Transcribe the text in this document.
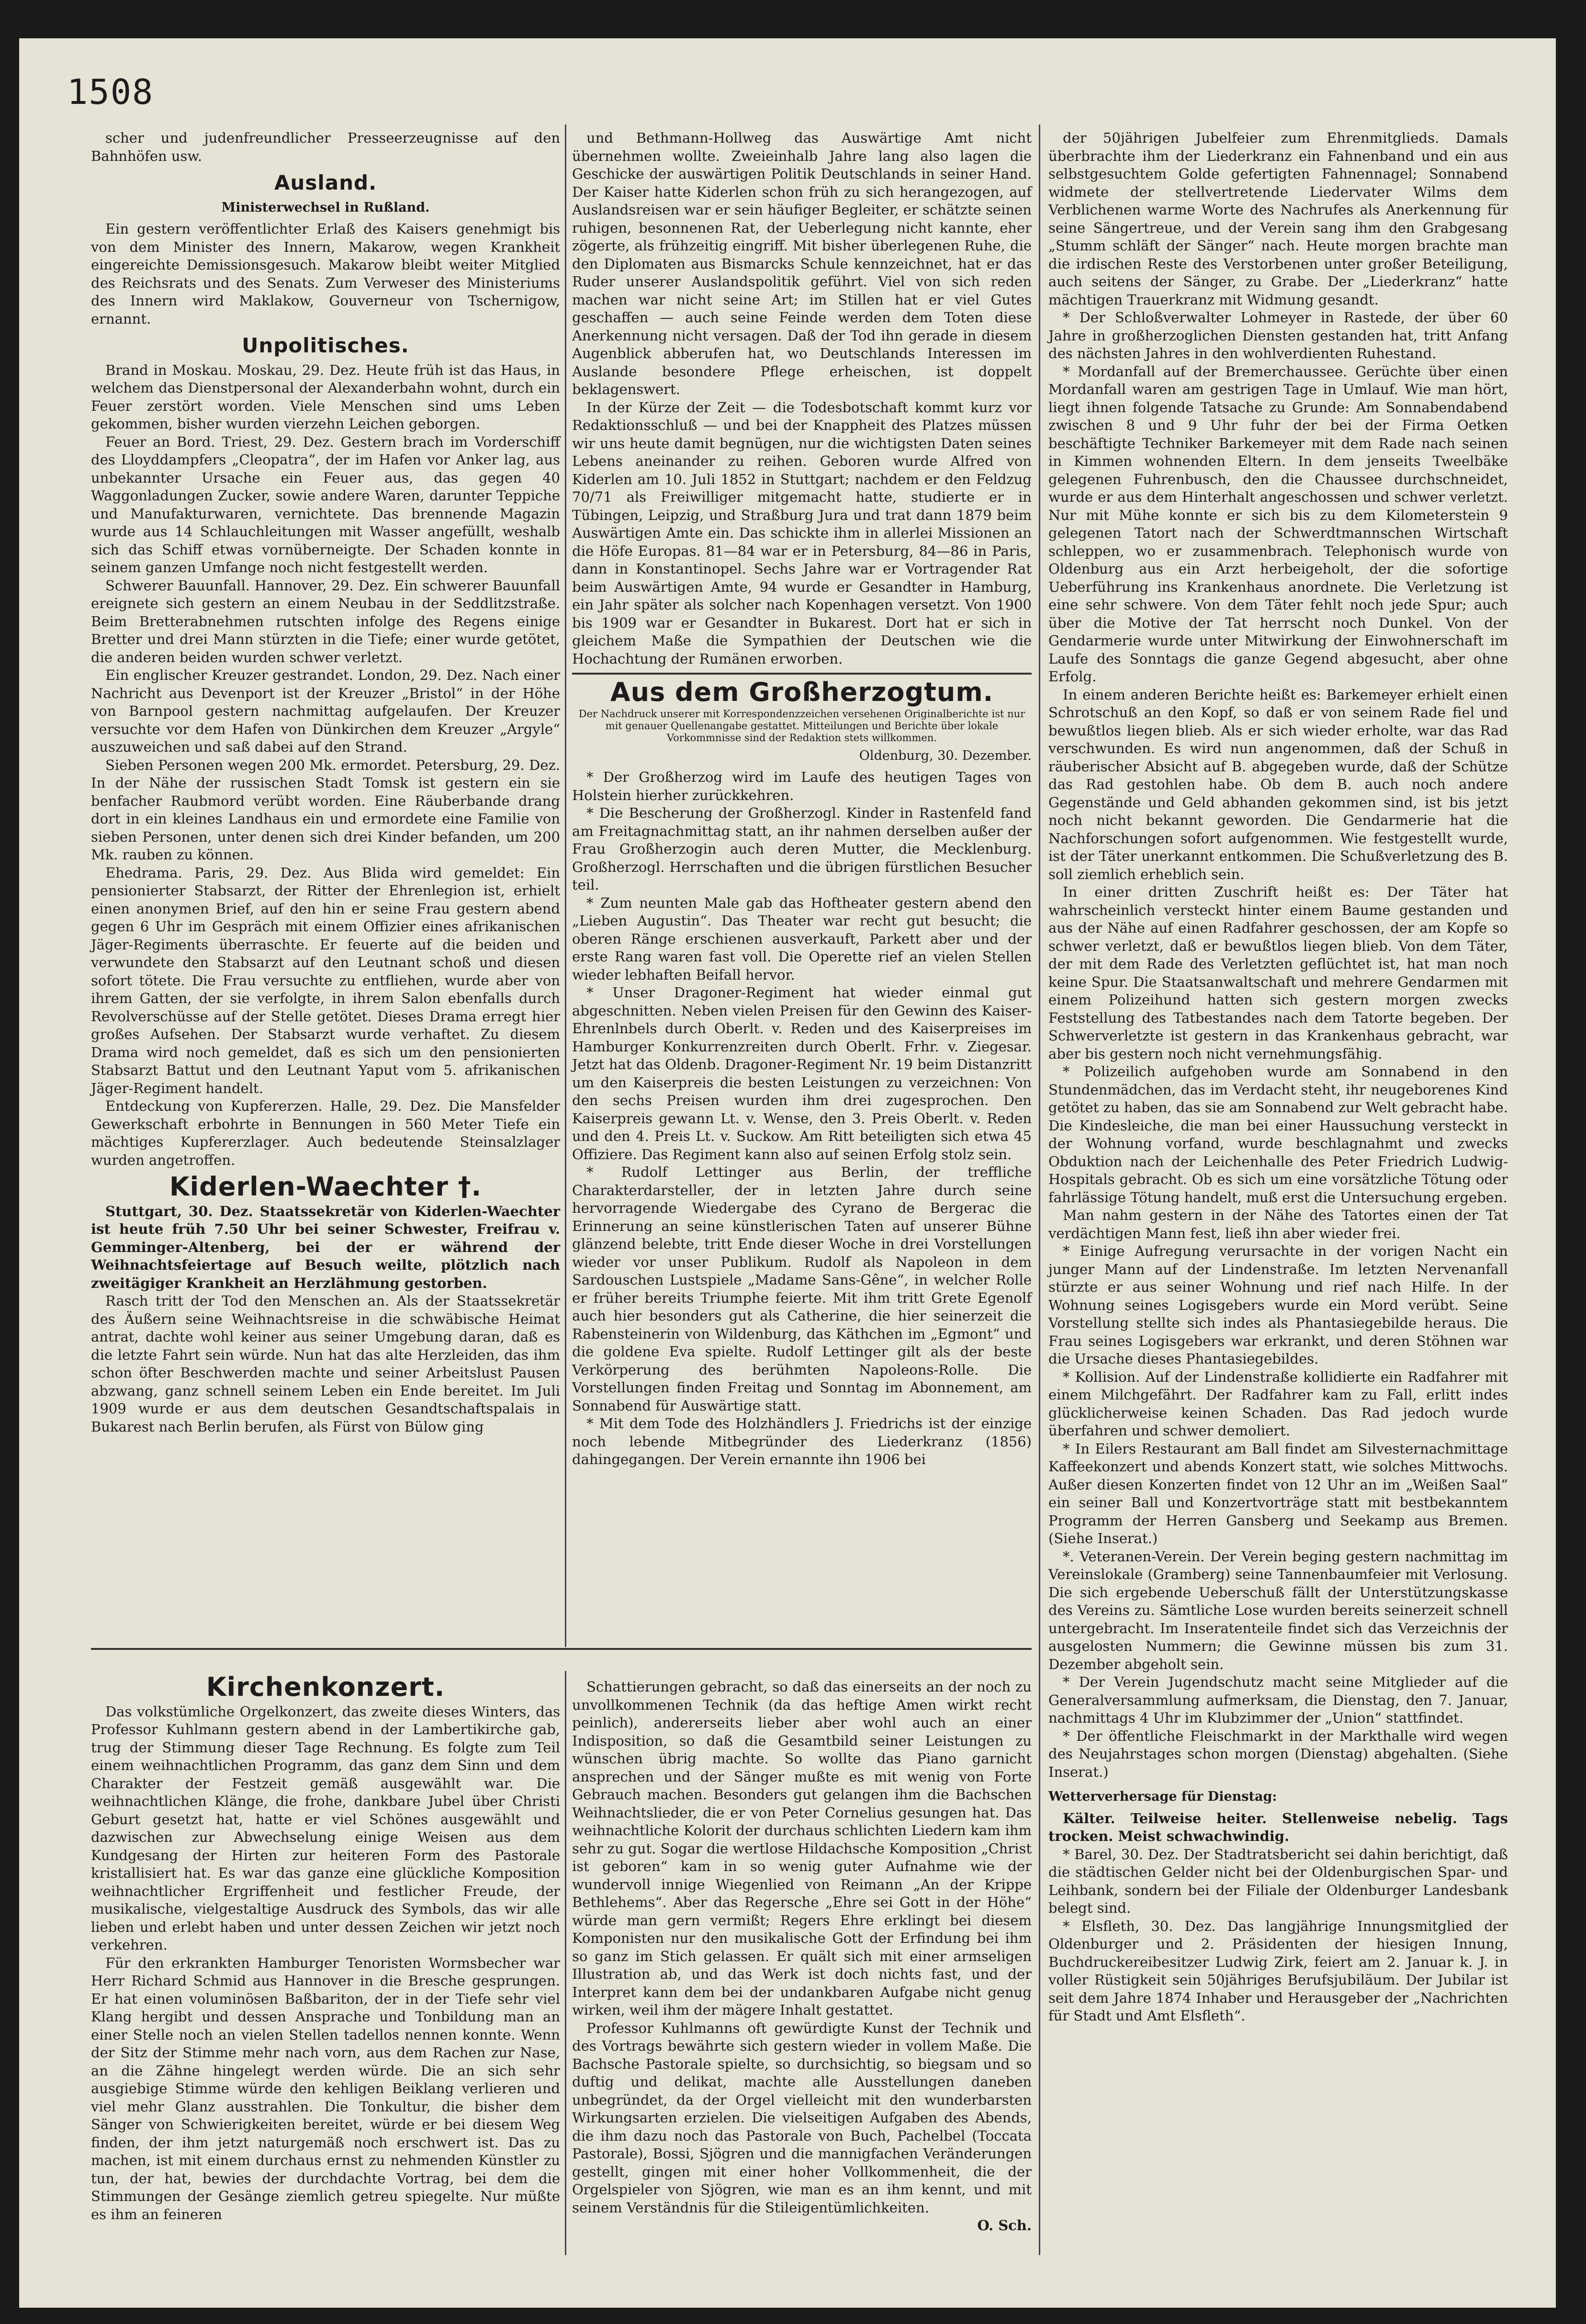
1508

scher und judenfreundlicher Presseerzeugnisse auf den Bahnhöfen usw.

Ausland.
Ministerwechsel in Rußland.

Ein gestern veröffentlichter Erlaß des Kaisers genehmigt bis von dem Minister des Innern, Makarow, wegen Krankheit eingereichte Demissionsgesuch. Makarow bleibt weiter Mitglied des Reichsrats und des Senats. Zum Verweser des Ministeriums des Innern wird Maklakow, Gouverneur von Tschernigow, ernannt.

Unpolitisches.

Brand in Moskau. Moskau, 29. Dez. Heute früh ist das Haus, in welchem das Dienstpersonal der Alexanderbahn wohnt, durch ein Feuer zerstört worden. Viele Menschen sind ums Leben gekommen, bisher wurden vierzehn Leichen geborgen.

Feuer an Bord. Triest, 29. Dez. Gestern brach im Vorderschiff des Lloyddampfers „Cleopatra“, der im Hafen vor Anker lag, aus unbekannter Ursache ein Feuer aus, das gegen 40 Waggonladungen Zucker, sowie andere Waren, darunter Teppiche und Manufakturwaren, vernichtete. Das brennende Magazin wurde aus 14 Schlauchleitungen mit Wasser angefüllt, weshalb sich das Schiff etwas vornüberneigte. Der Schaden konnte in seinem ganzen Umfange noch nicht festgestellt werden.

Schwerer Bauunfall. Hannover, 29. Dez. Ein schwerer Bauunfall ereignete sich gestern an einem Neubau in der Seddlitzstraße. Beim Bretterabnehmen rutschten infolge des Regens einige Bretter und drei Mann stürzten in die Tiefe; einer wurde getötet, die anderen beiden wurden schwer verletzt.

Ein englischer Kreuzer gestrandet. London, 29. Dez. Nach einer Nachricht aus Devenport ist der Kreuzer „Bristol“ in der Höhe von Barnpool gestern nachmittag aufgelaufen. Der Kreuzer versuchte vor dem Hafen von Dünkirchen dem Kreuzer „Argyle“ auszuweichen und saß dabei auf den Strand.

Sieben Personen wegen 200 Mk. ermordet. Petersburg, 29. Dez. In der Nähe der russischen Stadt Tomsk ist gestern ein sie benfacher Raubmord verübt worden. Eine Räuberbande drang dort in ein kleines Landhaus ein und ermordete eine Familie von sieben Personen, unter denen sich drei Kinder befanden, um 200 Mk. rauben zu können.

Ehedrama. Paris, 29. Dez. Aus Blida wird gemeldet: Ein pensionierter Stabsarzt, der Ritter der Ehrenlegion ist, erhielt einen anonymen Brief, auf den hin er seine Frau gestern abend gegen 6 Uhr im Gespräch mit einem Offizier eines afrikanischen Jäger-Regiments überraschte. Er feuerte auf die beiden und verwundete den Stabsarzt auf den Leutnant schoß und diesen sofort tötete. Die Frau versuchte zu entfliehen, wurde aber von ihrem Gatten, der sie verfolgte, in ihrem Salon ebenfalls durch Revolverschüsse auf der Stelle getötet. Dieses Drama erregt hier großes Aufsehen. Der Stabsarzt wurde verhaftet. Zu diesem Drama wird noch gemeldet, daß es sich um den pensionierten Stabsarzt Battut und den Leutnant Yaput vom 5. afrikanischen Jäger-Regiment handelt.

Entdeckung von Kupfererzen. Halle, 29. Dez. Die Mansfelder Gewerkschaft erbohrte in Bennungen in 560 Meter Tiefe ein mächtiges Kupfererzlager. Auch bedeutende Steinsalzlager wurden angetroffen.

Kiderlen-Waechter †.

Stuttgart, 30. Dez. Staatssekretär von Kiderlen-Waechter ist heute früh 7.50 Uhr bei seiner Schwester, Freifrau v. Gemminger-Altenberg, bei der er während der Weihnachtsfeiertage auf Besuch weilte, plötzlich nach zweitägiger Krankheit an Herzlähmung gestorben.

Rasch tritt der Tod den Menschen an. Als der Staatssekretär des Äußern seine Weihnachtsreise in die schwäbische Heimat antrat, dachte wohl keiner aus seiner Umgebung daran, daß es die letzte Fahrt sein würde. Nun hat das alte Herzleiden, das ihm schon öfter Beschwerden machte und seiner Arbeitslust Pausen abzwang, ganz schnell seinem Leben ein Ende bereitet. Im Juli 1909 wurde er aus dem deutschen Gesandtschaftspalais in Bukarest nach Berlin berufen, als Fürst von Bülow ging

und Bethmann-Hollweg das Auswärtige Amt nicht übernehmen wollte. Zweieinhalb Jahre lang also lagen die Geschicke der auswärtigen Politik Deutschlands in seiner Hand. Der Kaiser hatte Kiderlen schon früh zu sich herangezogen, auf Auslandsreisen war er sein häufiger Begleiter, er schätzte seinen ruhigen, besonnenen Rat, der Ueberlegung nicht kannte, eher zögerte, als frühzeitig eingriff. Mit bisher überlegenen Ruhe, die den Diplomaten aus Bismarcks Schule kennzeichnet, hat er das Ruder unserer Auslandspolitik geführt. Viel von sich reden machen war nicht seine Art; im Stillen hat er viel Gutes geschaffen — auch seine Feinde werden dem Toten diese Anerkennung nicht versagen. Daß der Tod ihn gerade in diesem Augenblick abberufen hat, wo Deutschlands Interessen im Auslande besondere Pflege erheischen, ist doppelt beklagenswert.

In der Kürze der Zeit — die Todesbotschaft kommt kurz vor Redaktionsschluß — und bei der Knappheit des Platzes müssen wir uns heute damit begnügen, nur die wichtigsten Daten seines Lebens aneinander zu reihen. Geboren wurde Alfred von Kiderlen am 10. Juli 1852 in Stuttgart; nachdem er den Feldzug 70/71 als Freiwilliger mitgemacht hatte, studierte er in Tübingen, Leipzig, und Straßburg Jura und trat dann 1879 beim Auswärtigen Amte ein. Das schickte ihm in allerlei Missionen an die Höfe Europas. 81—84 war er in Petersburg, 84—86 in Paris, dann in Konstantinopel. Sechs Jahre war er Vortragender Rat beim Auswärtigen Amte, 94 wurde er Gesandter in Hamburg, ein Jahr später als solcher nach Kopenhagen versetzt. Von 1900 bis 1909 war er Gesandter in Bukarest. Dort hat er sich in gleichem Maße die Sympathien der Deutschen wie die Hochachtung der Rumänen erworben.

Aus dem Großherzogtum.
Der Nachdruck unserer mit Korrespondenzzeichen versehenen Originalberichte ist nur mit genauer Quellenangabe gestattet. Mitteilungen und Berichte über lokale Vorkommnisse sind der Redaktion stets willkommen.
Oldenburg, 30. Dezember.

* Der Großherzog wird im Laufe des heutigen Tages von Holstein hierher zurückkehren.

* Die Bescherung der Großherzogl. Kinder in Rastenfeld fand am Freitagnachmittag statt, an ihr nahmen derselben außer der Frau Großherzogin auch deren Mutter, die Mecklenburg. Großherzogl. Herrschaften und die übrigen fürstlichen Besucher teil.

* Zum neunten Male gab das Hoftheater gestern abend den „Lieben Augustin“. Das Theater war recht gut besucht; die oberen Ränge erschienen ausverkauft, Parkett aber und der erste Rang waren fast voll. Die Operette rief an vielen Stellen wieder lebhaften Beifall hervor.

* Unser Dragoner-Regiment hat wieder einmal gut abgeschnitten. Neben vielen Preisen für den Gewinn des Kaiser-Ehrenlnbels durch Oberlt. v. Reden und des Kaiserpreises im Hamburger Konkurrenzreiten durch Oberlt. Frhr. v. Ziegesar. Jetzt hat das Oldenb. Dragoner-Regiment Nr. 19 beim Distanzritt um den Kaiserpreis die besten Leistungen zu verzeichnen: Von den sechs Preisen wurden ihm drei zugesprochen. Den Kaiserpreis gewann Lt. v. Wense, den 3. Preis Oberlt. v. Reden und den 4. Preis Lt. v. Suckow. Am Ritt beteiligten sich etwa 45 Offiziere. Das Regiment kann also auf seinen Erfolg stolz sein.

* Rudolf Lettinger aus Berlin, der treffliche Charakterdarsteller, der in letzten Jahre durch seine hervorragende Wiedergabe des Cyrano de Bergerac die Erinnerung an seine künstlerischen Taten auf unserer Bühne glänzend belebte, tritt Ende dieser Woche in drei Vorstellungen wieder vor unser Publikum. Rudolf als Napoleon in dem Sardouschen Lustspiele „Madame Sans-Gêne“, in welcher Rolle er früher bereits Triumphe feierte. Mit ihm tritt Grete Egenolf auch hier besonders gut als Catherine, die hier seinerzeit die Rabensteinerin von Wildenburg, das Käthchen im „Egmont“ und die goldene Eva spielte. Rudolf Lettinger gilt als der beste Verkörperung des berühmten Napoleons-Rolle. Die Vorstellungen finden Freitag und Sonntag im Abonnement, am Sonnabend für Auswärtige statt.

* Mit dem Tode des Holzhändlers J. Friedrichs ist der einzige noch lebende Mitbegründer des Liederkranz (1856) dahingegangen. Der Verein ernannte ihn 1906 bei

der 50jährigen Jubelfeier zum Ehrenmitglieds. Damals überbrachte ihm der Liederkranz ein Fahnenband und ein aus selbstgesuchtem Golde gefertigten Fahnennagel; Sonnabend widmete der stellvertretende Liedervater Wilms dem Verblichenen warme Worte des Nachrufes als Anerkennung für seine Sängertreue, und der Verein sang ihm den Grabgesang „Stumm schläft der Sänger“ nach. Heute morgen brachte man die irdischen Reste des Verstorbenen unter großer Beteiligung, auch seitens der Sänger, zu Grabe. Der „Liederkranz“ hatte mächtigen Trauerkranz mit Widmung gesandt.

* Der Schloßverwalter Lohmeyer in Rastede, der über 60 Jahre in großherzoglichen Diensten gestanden hat, tritt Anfang des nächsten Jahres in den wohlverdienten Ruhestand.

* Mordanfall auf der Bremerchaussee. Gerüchte über einen Mordanfall waren am gestrigen Tage in Umlauf. Wie man hört, liegt ihnen folgende Tatsache zu Grunde: Am Sonnabendabend zwischen 8 und 9 Uhr fuhr der bei der Firma Oetken beschäftigte Techniker Barkemeyer mit dem Rade nach seinen in Kimmen wohnenden Eltern. In dem jenseits Tweelbäke gelegenen Fuhrenbusch, den die Chaussee durchschneidet, wurde er aus dem Hinterhalt angeschossen und schwer verletzt. Nur mit Mühe konnte er sich bis zu dem Kilometerstein 9 gelegenen Tatort nach der Schwerdtmannschen Wirtschaft schleppen, wo er zusammenbrach. Telephonisch wurde von Oldenburg aus ein Arzt herbeigeholt, der die sofortige Ueberführung ins Krankenhaus anordnete. Die Verletzung ist eine sehr schwere. Von dem Täter fehlt noch jede Spur; auch über die Motive der Tat herrscht noch Dunkel. Von der Gendarmerie wurde unter Mitwirkung der Einwohnerschaft im Laufe des Sonntags die ganze Gegend abgesucht, aber ohne Erfolg.

In einem anderen Berichte heißt es: Barkemeyer erhielt einen Schrotschuß an den Kopf, so daß er von seinem Rade fiel und bewußtlos liegen blieb. Als er sich wieder erholte, war das Rad verschwunden. Es wird nun angenommen, daß der Schuß in räuberischer Absicht auf B. abgegeben wurde, daß der Schütze das Rad gestohlen habe. Ob dem B. auch noch andere Gegenstände und Geld abhanden gekommen sind, ist bis jetzt noch nicht bekannt geworden. Die Gendarmerie hat die Nachforschungen sofort aufgenommen. Wie festgestellt wurde, ist der Täter unerkannt entkommen. Die Schußverletzung des B. soll ziemlich erheblich sein.

In einer dritten Zuschrift heißt es: Der Täter hat wahrscheinlich versteckt hinter einem Baume gestanden und aus der Nähe auf einen Radfahrer geschossen, der am Kopfe so schwer verletzt, daß er bewußtlos liegen blieb. Von dem Täter, der mit dem Rade des Verletzten geflüchtet ist, hat man noch keine Spur. Die Staatsanwaltschaft und mehrere Gendarmen mit einem Polizeihund hatten sich gestern morgen zwecks Feststellung des Tatbestandes nach dem Tatorte begeben. Der Schwerverletzte ist gestern in das Krankenhaus gebracht, war aber bis gestern noch nicht vernehmungsfähig.

* Polizeilich aufgehoben wurde am Sonnabend in den Stundenmädchen, das im Verdacht steht, ihr neugeborenes Kind getötet zu haben, das sie am Sonnabend zur Welt gebracht habe. Die Kindesleiche, die man bei einer Haussuchung versteckt in der Wohnung vorfand, wurde beschlagnahmt und zwecks Obduktion nach der Leichenhalle des Peter Friedrich Ludwig-Hospitals gebracht. Ob es sich um eine vorsätzliche Tötung oder fahrlässige Tötung handelt, muß erst die Untersuchung ergeben.

Man nahm gestern in der Nähe des Tatortes einen der Tat verdächtigen Mann fest, ließ ihn aber wieder frei.

* Einige Aufregung verursachte in der vorigen Nacht ein junger Mann auf der Lindenstraße. Im letzten Nervenanfall stürzte er aus seiner Wohnung und rief nach Hilfe. In der Wohnung seines Logisgebers wurde ein Mord verübt. Seine Vorstellung stellte sich indes als Phantasiegebilde heraus. Die Frau seines Logisgebers war erkrankt, und deren Stöhnen war die Ursache dieses Phantasiegebildes.

* Kollision. Auf der Lindenstraße kollidierte ein Radfahrer mit einem Milchgefährt. Der Radfahrer kam zu Fall, erlitt indes glücklicherweise keinen Schaden. Das Rad jedoch wurde überfahren und schwer demoliert.

* In Eilers Restaurant am Ball findet am Silvesternachmittage Kaffeekonzert und abends Konzert statt, wie solches Mittwochs. Außer diesen Konzerten findet von 12 Uhr an im „Weißen Saal“ ein seiner Ball und Konzertvorträge statt mit bestbekanntem Programm der Herren Gansberg und Seekamp aus Bremen. (Siehe Inserat.)

*. Veteranen-Verein. Der Verein beging gestern nachmittag im Vereinslokale (Gramberg) seine Tannenbaumfeier mit Verlosung. Die sich ergebende Ueberschuß fällt der Unterstützungskasse des Vereins zu. Sämtliche Lose wurden bereits seinerzeit schnell untergebracht. Im Inseratenteile findet sich das Verzeichnis der ausgelosten Nummern; die Gewinne müssen bis zum 31. Dezember abgeholt sein.

* Der Verein Jugendschutz macht seine Mitglieder auf die Generalversammlung aufmerksam, die Dienstag, den 7. Januar, nachmittags 4 Uhr im Klubzimmer der „Union“ stattfindet.

* Der öffentliche Fleischmarkt in der Markthalle wird wegen des Neujahrstages schon morgen (Dienstag) abgehalten. (Siehe Inserat.)

Wetterverhersage für Dienstag:

Kälter. Teilweise heiter. Stellenweise nebelig. Tags trocken. Meist schwachwindig.

* Barel, 30. Dez. Der Stadtratsbericht sei dahin berichtigt, daß die städtischen Gelder nicht bei der Oldenburgischen Spar- und Leihbank, sondern bei der Filiale der Oldenburger Landesbank belegt sind.

* Elsfleth, 30. Dez. Das langjährige Innungsmitglied der Oldenburger und 2. Präsidenten der hiesigen Innung, Buchdruckereibesitzer Ludwig Zirk, feiert am 2. Januar k. J. in voller Rüstigkeit sein 50jähriges Berufsjubiläum. Der Jubilar ist seit dem Jahre 1874 Inhaber und Herausgeber der „Nachrichten für Stadt und Amt Elsfleth“.

Kirchenkonzert.

Das volkstümliche Orgelkonzert, das zweite dieses Winters, das Professor Kuhlmann gestern abend in der Lambertikirche gab, trug der Stimmung dieser Tage Rechnung. Es folgte zum Teil einem weihnachtlichen Programm, das ganz dem Sinn und dem Charakter der Festzeit gemäß ausgewählt war. Die weihnachtlichen Klänge, die frohe, dankbare Jubel über Christi Geburt gesetzt hat, hatte er viel Schönes ausgewählt und dazwischen zur Abwechselung einige Weisen aus dem Kundgesang der Hirten zur heiteren Form des Pastorale kristallisiert hat. Es war das ganze eine glückliche Komposition weihnachtlicher Ergriffenheit und festlicher Freude, der musikalische, vielgestaltige Ausdruck des Symbols, das wir alle lieben und erlebt haben und unter dessen Zeichen wir jetzt noch verkehren.

Für den erkrankten Hamburger Tenoristen Wormsbecher war Herr Richard Schmid aus Hannover in die Bresche gesprungen. Er hat einen voluminösen Baßbariton, der in der Tiefe sehr viel Klang hergibt und dessen Ansprache und Tonbildung man an einer Stelle noch an vielen Stellen tadellos nennen konnte. Wenn der Sitz der Stimme mehr nach vorn, aus dem Rachen zur Nase, an die Zähne hingelegt werden würde. Die an sich sehr ausgiebige Stimme würde den kehligen Beiklang verlieren und viel mehr Glanz ausstrahlen. Die Tonkultur, die bisher dem Sänger von Schwierigkeiten bereitet, würde er bei diesem Weg finden, der ihm jetzt naturgemäß noch erschwert ist. Das zu machen, ist mit einem durchaus ernst zu nehmenden Künstler zu tun, der hat, bewies der durchdachte Vortrag, bei dem die Stimmungen der Gesänge ziemlich getreu spiegelte. Nur müßte es ihm an feineren

Schattierungen gebracht, so daß das einerseits an der noch zu unvollkommenen Technik (da das heftige Amen wirkt recht peinlich), andererseits lieber aber wohl auch an einer Indisposition, so daß die Gesamtbild seiner Leistungen zu wünschen übrig machte. So wollte das Piano garnicht ansprechen und der Sänger mußte es mit wenig von Forte Gebrauch machen. Besonders gut gelangen ihm die Bachschen Weihnachtslieder, die er von Peter Cornelius gesungen hat. Das weihnachtliche Kolorit der durchaus schlichten Liedern kam ihm sehr zu gut. Sogar die wertlose Hildachsche Komposition „Christ ist geboren“ kam in so wenig guter Aufnahme wie der wundervoll innige Wiegenlied von Reimann „An der Krippe Bethlehems“. Aber das Regersche „Ehre sei Gott in der Höhe“ würde man gern vermißt; Regers Ehre erklingt bei diesem Komponisten nur den musikalische Gott der Erfindung bei ihm so ganz im Stich gelassen. Er quält sich mit einer armseligen Illustration ab, und das Werk ist doch nichts fast, und der Interpret kann dem bei der undankbaren Aufgabe nicht genug wirken, weil ihm der mägere Inhalt gestattet.

Professor Kuhlmanns oft gewürdigte Kunst der Technik und des Vortrags bewährte sich gestern wieder in vollem Maße. Die Bachsche Pastorale spielte, so durchsichtig, so biegsam und so duftig und delikat, machte alle Ausstellungen daneben unbegründet, da der Orgel vielleicht mit den wunderbarsten Wirkungsarten erzielen. Die vielseitigen Aufgaben des Abends, die ihm dazu noch das Pastorale von Buch, Pachelbel (Toccata Pastorale), Bossi, Sjögren und die mannigfachen Veränderungen gestellt, gingen mit einer hoher Vollkommenheit, die der Orgelspieler von Sjögren, wie man es an ihm kennt, und mit seinem Verständnis für die Stileigentümlichkeiten.

O. Sch.
